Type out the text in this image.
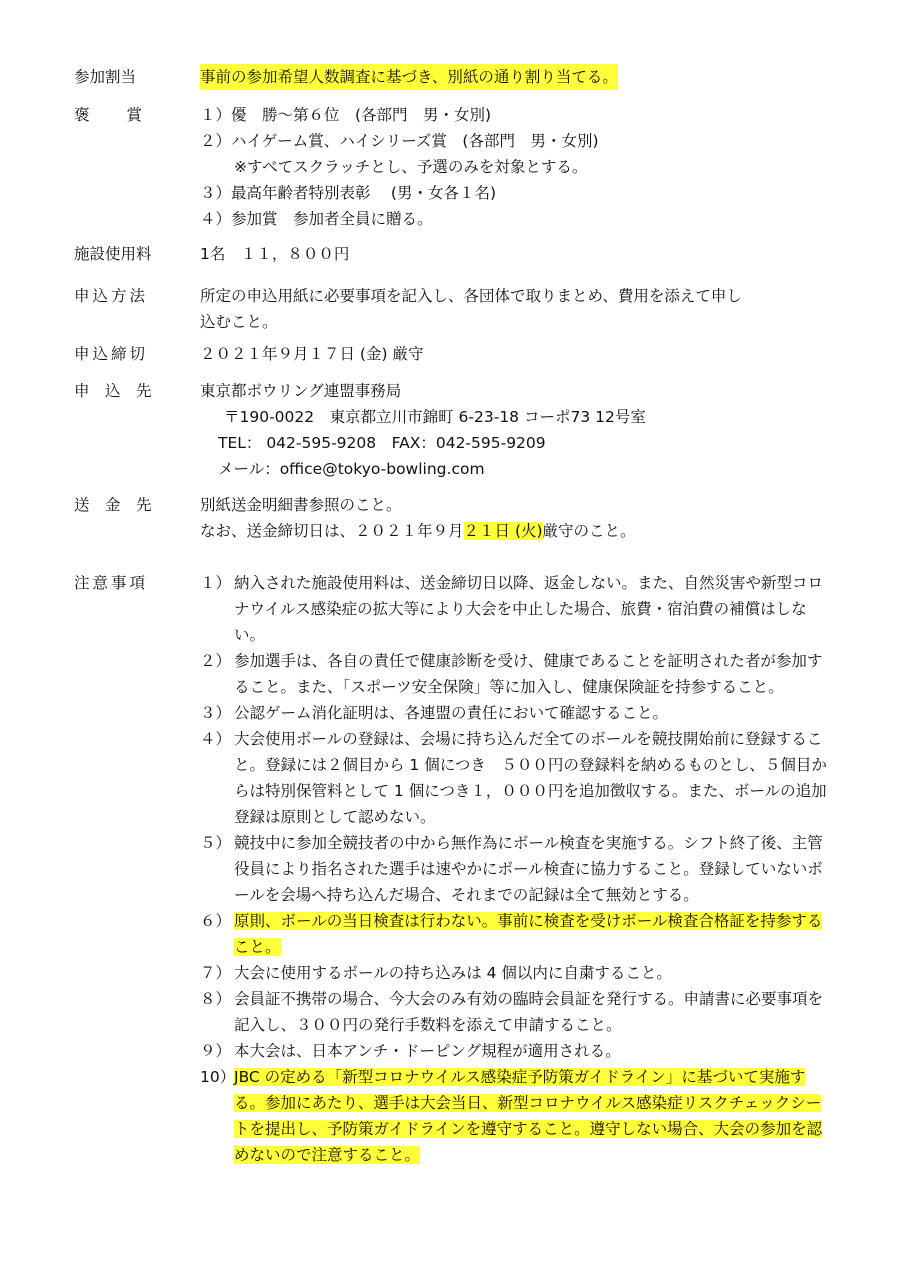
参加割当	事前の参加希望人数調査に基づき、別紙の通り割り当てる。
褒　　賞	１）優　勝～第６位　(各部門　男・女別)
２）ハイゲーム賞、ハイシリーズ賞　(各部門　男・女別)
※すべてスクラッチとし、予選のみを対象とする。
３）最高年齢者特別表彰　 (男・女各１名)
４）参加賞　参加者全員に贈る。
施設使用料	1名　１１，８００円
申込方法	所定の申込用紙に必要事項を記入し、各団体で取りまとめ、費用を添えて申し
込むこと。
申込締切	２０２１年９月１７日 (金) 厳守
申　込　先	東京都ボウリング連盟事務局
〒190-0022　東京都立川市錦町 6-23-18 コーポ73 12号室
TEL： 042-595-9208　FAX：042-595-9209
メール：office@tokyo-bowling.com
送　金　先	別紙送金明細書参照のこと。
なお、送金締切日は、２０２１年９月２１日 (火)厳守のこと。
注意事項	１） 納入された施設使用料は、送金締切日以降、返金しない。また、自然災害や新型コロナウイルス感染症の拡大等により大会を中止した場合、旅費・宿泊費の補償はしない。
２） 参加選手は、各自の責任で健康診断を受け、健康であることを証明された者が参加すること。また、「スポーツ安全保険」等に加入し、健康保険証を持参すること。
３） 公認ゲーム消化証明は、各連盟の責任において確認すること。
４） 大会使用ボールの登録は、会場に持ち込んだ全てのボールを競技開始前に登録すること。登録には２個目から 1 個につき　５００円の登録料を納めるものとし、５個目からは特別保管料として 1 個につき１，０００円を追加徴収する。また、ボールの追加登録は原則として認めない。
５） 競技中に参加全競技者の中から無作為にボール検査を実施する。シフト終了後、主管役員により指名された選手は速やかにボール検査に協力すること。登録していないボールを会場へ持ち込んだ場合、それまでの記録は全て無効とする。
６） 原則、ボールの当日検査は行わない。事前に検査を受けボール検査合格証を持参すること。
７） 大会に使用するボールの持ち込みは 4 個以内に自粛すること。
８） 会員証不携帯の場合、今大会のみ有効の臨時会員証を発行する。申請書に必要事項を記入し、３００円の発行手数料を添えて申請すること。
９） 本大会は、日本アンチ・ドーピング規程が適用される。
10）
JBC の定める「新型コロナウイルス感染症予防策ガイドライン」に基づいて実施する。参加にあたり、選手は大会当日、新型コロナウイルス感染症リスクチェックシートを提出し、予防策ガイドラインを遵守すること。遵守しない場合、大会の参加を認めないので注意すること。
